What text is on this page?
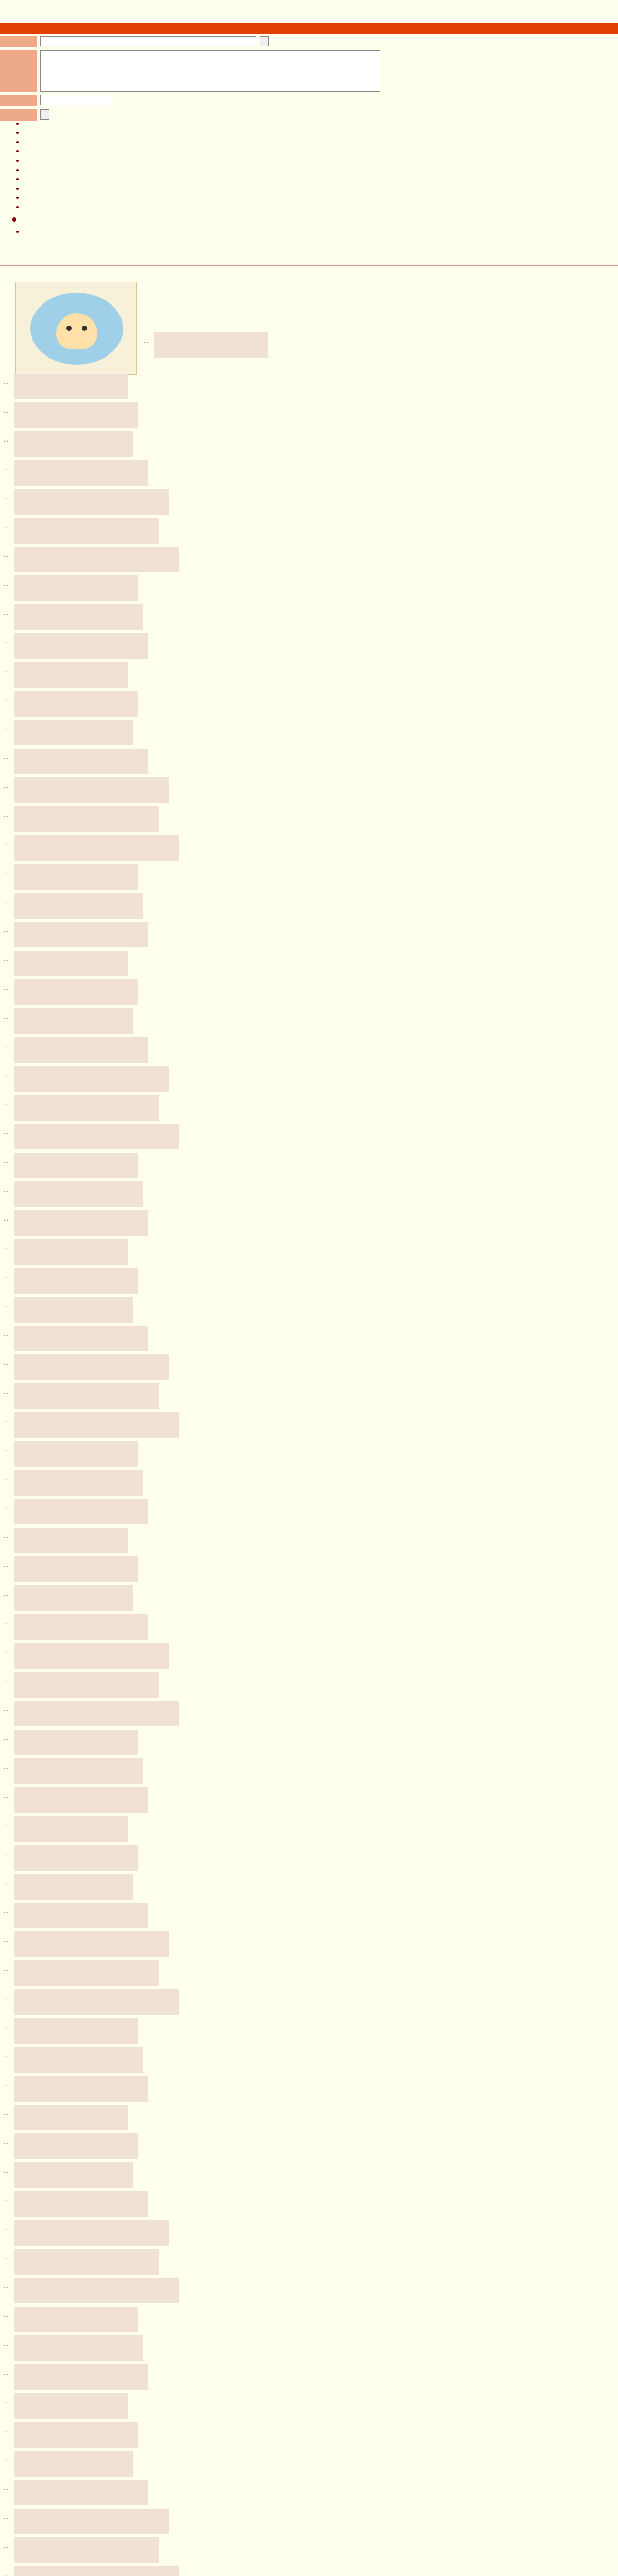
•
•
•
•
•
•
•
•
•
•
•
•
…
…
…
…
…
…
…
…
…
…
…
…
…
…
…
…
…
…
…
…
…
…
…
…
…
…
…
…
…
…
…
…
…
…
…
…
…
…
…
…
…
…
…
…
…
…
…
…
…
…
…
…
…
…
…
…
…
…
…
…
…
…
…
…
…
…
…
…
…
…
…
…
…
…
…
…
…
…
